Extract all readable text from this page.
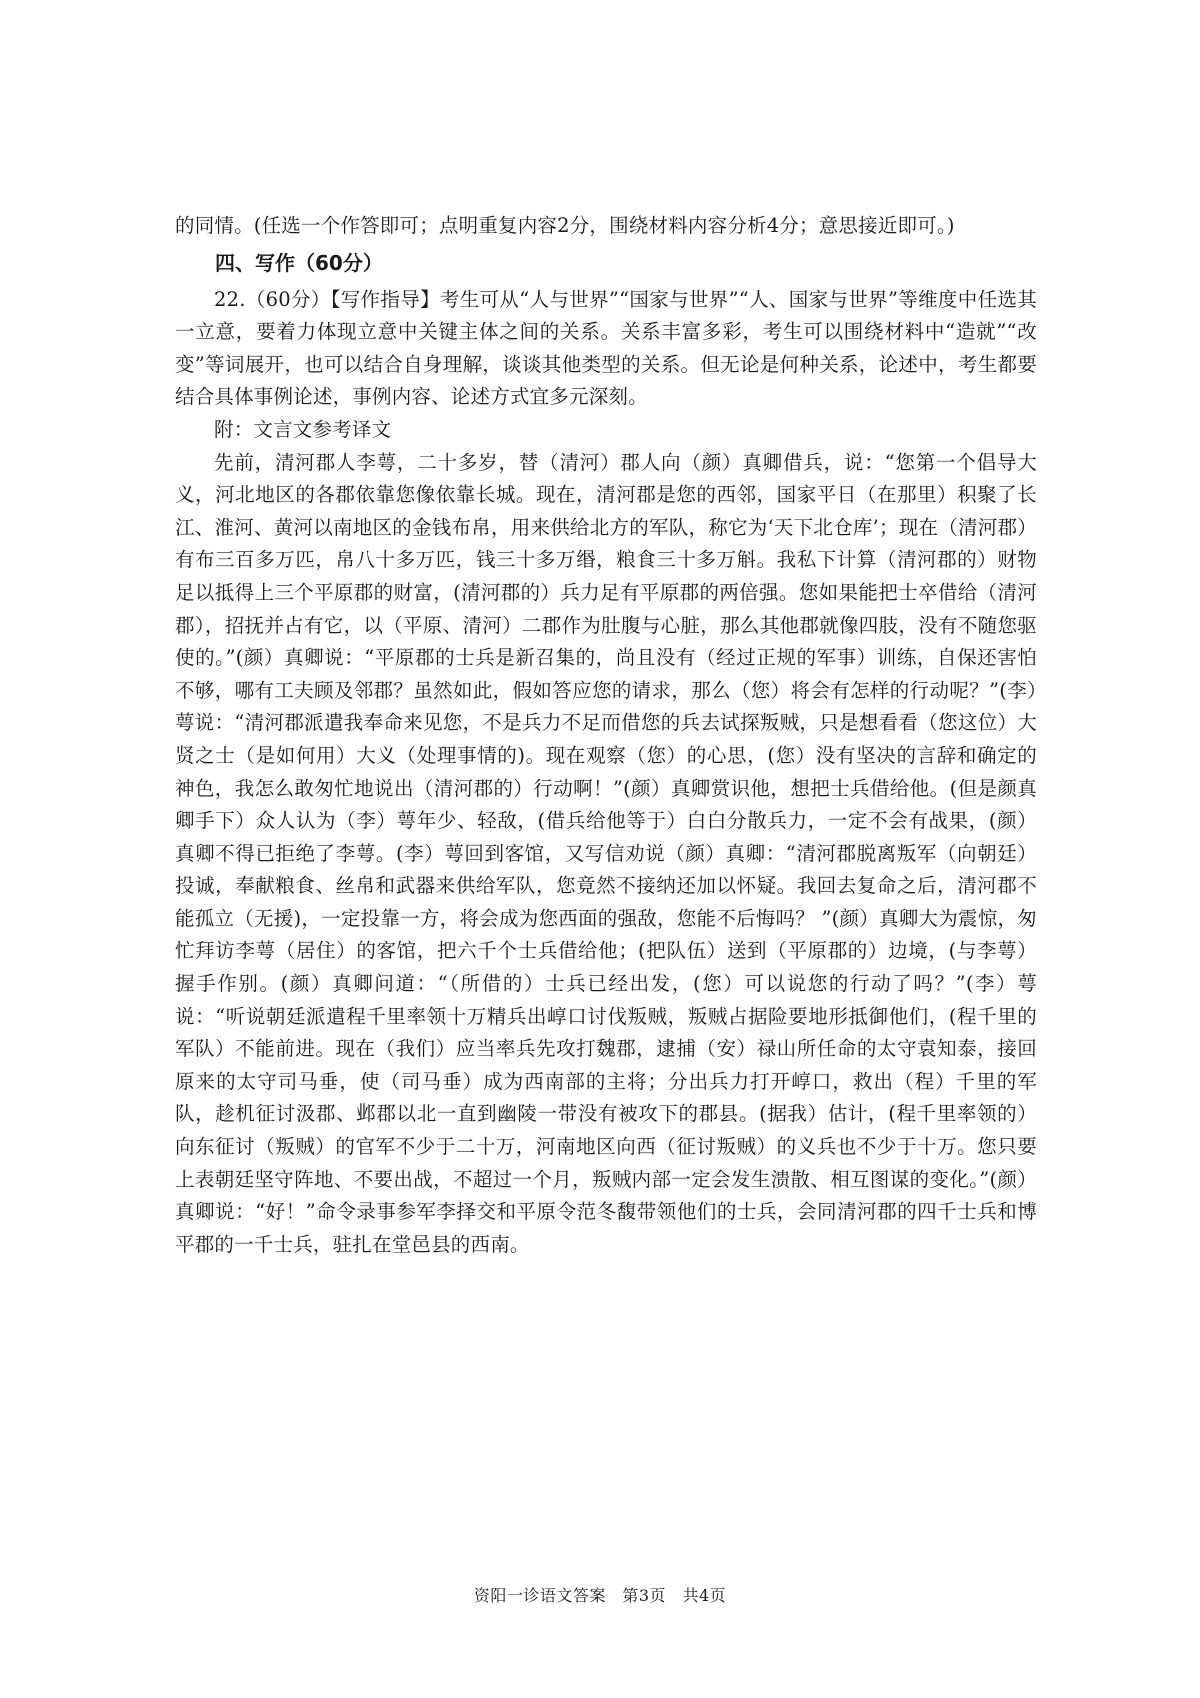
的同情。(任选一个作答即可；点明重复内容2分，围绕材料内容分析4分；意思接近即可。)

四、写作（60分）

22.（60分）【写作指导】考生可从“人与世界”“国家与世界”“人、国家与世界”等维度中任选其一立意，要着力体现立意中关键主体之间的关系。关系丰富多彩，考生可以围绕材料中“造就”“改变”等词展开，也可以结合自身理解，谈谈其他类型的关系。但无论是何种关系，论述中，考生都要结合具体事例论述，事例内容、论述方式宜多元深刻。

附：文言文参考译文

先前，清河郡人李萼，二十多岁，替（清河）郡人向（颜）真卿借兵，说：“您第一个倡导大义，河北地区的各郡依靠您像依靠长城。现在，清河郡是您的西邻，国家平日（在那里）积聚了长江、淮河、黄河以南地区的金钱布帛，用来供给北方的军队，称它为‘天下北仓库’；现在（清河郡）有布三百多万匹，帛八十多万匹，钱三十多万缗，粮食三十多万斛。我私下计算（清河郡的）财物足以抵得上三个平原郡的财富，(清河郡的）兵力足有平原郡的两倍强。您如果能把士卒借给（清河郡），招抚并占有它，以（平原、清河）二郡作为肚腹与心脏，那么其他郡就像四肢，没有不随您驱使的。”(颜）真卿说：“平原郡的士兵是新召集的，尚且没有（经过正规的军事）训练，自保还害怕不够，哪有工夫顾及邻郡？虽然如此，假如答应您的请求，那么（您）将会有怎样的行动呢？”(李）萼说：“清河郡派遣我奉命来见您，不是兵力不足而借您的兵去试探叛贼，只是想看看（您这位）大贤之士（是如何用）大义（处理事情的)。现在观察（您）的心思，(您）没有坚决的言辞和确定的神色，我怎么敢匆忙地说出（清河郡的）行动啊！”(颜）真卿赏识他，想把士兵借给他。(但是颜真卿手下）众人认为（李）萼年少、轻敌，(借兵给他等于）白白分散兵力，一定不会有战果，(颜）真卿不得已拒绝了李萼。(李）萼回到客馆，又写信劝说（颜）真卿：“清河郡脱离叛军（向朝廷）投诚，奉献粮食、丝帛和武器来供给军队，您竟然不接纳还加以怀疑。我回去复命之后，清河郡不能孤立（无援)，一定投靠一方，将会成为您西面的强敌，您能不后悔吗？ ”(颜）真卿大为震惊，匆忙拜访李萼（居住）的客馆，把六千个士兵借给他；(把队伍）送到（平原郡的）边境，(与李萼）握手作别。(颜）真卿问道：“（所借的）士兵已经出发，(您）可以说您的行动了吗？”(李）萼说：“听说朝廷派遣程千里率领十万精兵出崞口讨伐叛贼，叛贼占据险要地形抵御他们，(程千里的军队）不能前进。现在（我们）应当率兵先攻打魏郡，逮捕（安）禄山所任命的太守袁知泰，接回原来的太守司马垂，使（司马垂）成为西南部的主将；分出兵力打开崞口，救出（程）千里的军队，趁机征讨汲郡、邺郡以北一直到幽陵一带没有被攻下的郡县。(据我）估计，(程千里率领的）向东征讨（叛贼）的官军不少于二十万，河南地区向西（征讨叛贼）的义兵也不少于十万。您只要上表朝廷坚守阵地、不要出战，不超过一个月，叛贼内部一定会发生溃散、相互图谋的变化。”(颜）真卿说：“好！”命令录事参军李择交和平原令范冬馥带领他们的士兵，会同清河郡的四千士兵和博平郡的一千士兵，驻扎在堂邑县的西南。

资阳一诊语文答案　第3页　共4页
